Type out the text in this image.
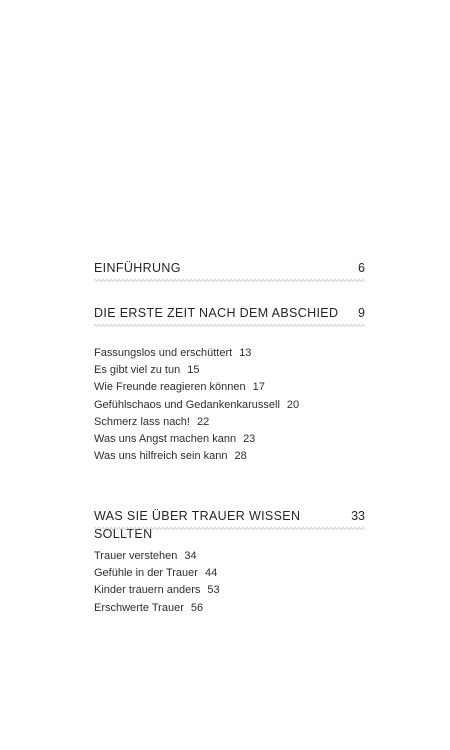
EINFÜHRUNG	6
DIE ERSTE ZEIT NACH DEM ABSCHIED 9
Fassungslos und erschüttert 13
Es gibt viel zu tun 15
Wie Freunde reagieren können 17
Gefühlschaos und Gedankenkarussell 20
Schmerz lass nach! 22
Was uns Angst machen kann 23
Was uns hilfreich sein kann 28
WAS SIE ÜBER TRAUER WISSEN SOLLTEN
33
Trauer verstehen 34
Gefühle in der Trauer 44
Kinder trauern anders 53
Erschwerte Trauer 56
